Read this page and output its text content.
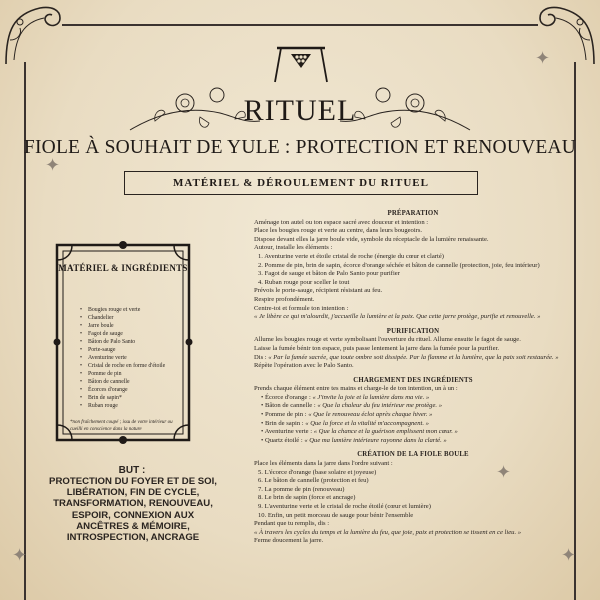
✦
✦
✦
✦
✦
RITUEL
FIOLE À SOUHAIT DE YULE : PROTECTION ET RENOUVEAU
MATÉRIEL & DÉROULEMENT DU RITUEL
MATÉRIEL & INGRÉDIENTS
• Bougies rouge et verte
• Chandelier
• Jarre boule
• Fagot de sauge
• Bâton de Palo Santo
• Porte-sauge
• Aventurine verte
• Cristal de roche en forme d'étoile
• Pomme de pin
• Bâton de cannelle
• Écorces d'orange
• Brin de sapin*
• Ruban rouge
*non fraîchement coupé ; issu de votre intérieur ou cueilli en conscience dans la nature
BUT :
PROTECTION DU FOYER ET DE SOI,
LIBÉRATION, FIN DE CYCLE,
TRANSFORMATION, RENOUVEAU,
ESPOIR, CONNEXION AUX
ANCÊTRES & MÉMOIRE,
INTROSPECTION, ANCRAGE

PRÉPARATION

Aménage ton autel ou ton espace sacré avec douceur et intention :

Place les bougies rouge et verte au centre, dans leurs bougeoirs.

Dispose devant elles la jarre boule vide, symbole du réceptacle de la lumière renaissante.

Autour, installe les éléments :

1. Aventurine verte et étoile cristal de roche (énergie du cœur et clarté)

2. Pomme de pin, brin de sapin, écorce d'orange séchée et bâton de cannelle (protection, joie, feu intérieur)

3. Fagot de sauge et bâton de Palo Santo pour purifier

4. Ruban rouge pour sceller le tout

Prévois le porte-sauge, récipient résistant au feu.

Respire profondément.

Centre-toi et formule ton intention :

« Je libère ce qui m'alourdit, j'accueille la lumière et la paix. Que cette jarre protège, purifie et renouvelle. »

PURIFICATION

Allume les bougies rouge et verte symbolisant l'ouverture du rituel. Allume ensuite le fagot de sauge.

Laisse la fumée bénir ton espace, puis passe lentement la jarre dans la fumée pour la purifier.

Dis : « Par la fumée sacrée, que toute ombre soit dissipée. Par la flamme et la lumière, que la paix soit restaurée. »

Répète l'opération avec le Palo Santo.

CHARGEMENT DES INGRÉDIENTS

Prends chaque élément entre tes mains et charge-le de ton intention, un à un :

• Écorce d'orange : « J'invite la joie et la lumière dans ma vie. »

• Bâton de cannelle : « Que la chaleur du feu intérieur me protège. »

• Pomme de pin : « Que le renouveau éclot après chaque hiver. »

• Brin de sapin : « Que la force et la vitalité m'accompagnent. »

• Aventurine verte : « Que la chance et la guérison emplissent mon cœur. »

• Quartz étoilé : « Que ma lumière intérieure rayonne dans la clarté. »

CRÉATION DE LA FIOLE BOULE

Place les éléments dans la jarre dans l'ordre suivant :

5. L'écorce d'orange (base solaire et joyeuse)

6. Le bâton de cannelle (protection et feu)

7. La pomme de pin (renouveau)

8. Le brin de sapin (force et ancrage)

9. L'aventurine verte et le cristal de roche étoilé (cœur et lumière)

10. Enfin, un petit morceau de sauge pour bénir l'ensemble

Pendant que tu remplis, dis :

« À travers les cycles du temps et la lumière du feu, que joie, paix et protection se tissent en ce lieu. »

Ferme doucement la jarre.
